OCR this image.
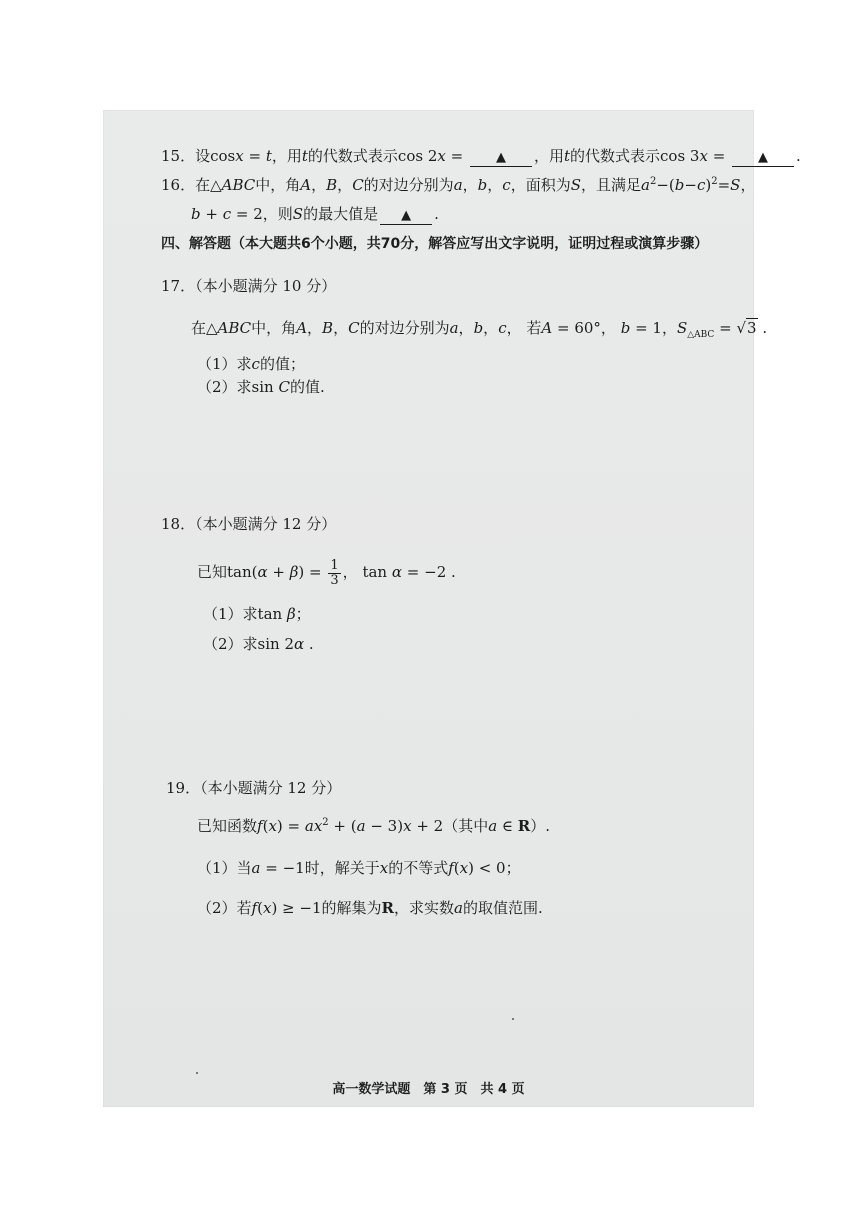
15．设cosx = t，用t的代数式表示cos 2x = ▲ ，用t的代数式表示cos 3x = ▲ .
16．在△ABC中，角A，B，C的对边分别为a，b，c，面积为S，且满足$a^2-(b-c)^2=S$，
b + c = 2，则S的最大值是 ▲ .
四、解答题（本大题共6个小题，共70分，解答应写出文字说明，证明过程或演算步骤）
17．（本小题满分 10 分）
在△ABC中，角A，B，C的对边分别为a，b，c， 若A = 60°， b = 1，$S_{\triangle ABC} = √3$ .
（1）求c的值；
（2）求sin C的值.
18．（本小题满分 12 分）
已知$\tan(\alpha + \beta) = \frac{1}{3}$ ， tan α = −2 .
（1）求tan β；
（2）求sin 2α .
19．（本小题满分 12 分）
已知函数$f(x) = ax^2 + (a - 3)x + 2$（其中a ∈ R）.
（1）当a = −1时，解关于x的不等式f(x) < 0；
（2）若f(x) ≥ −1的解集为R，求实数a的取值范围.
高一数学试题　第 3 页　共 4 页
